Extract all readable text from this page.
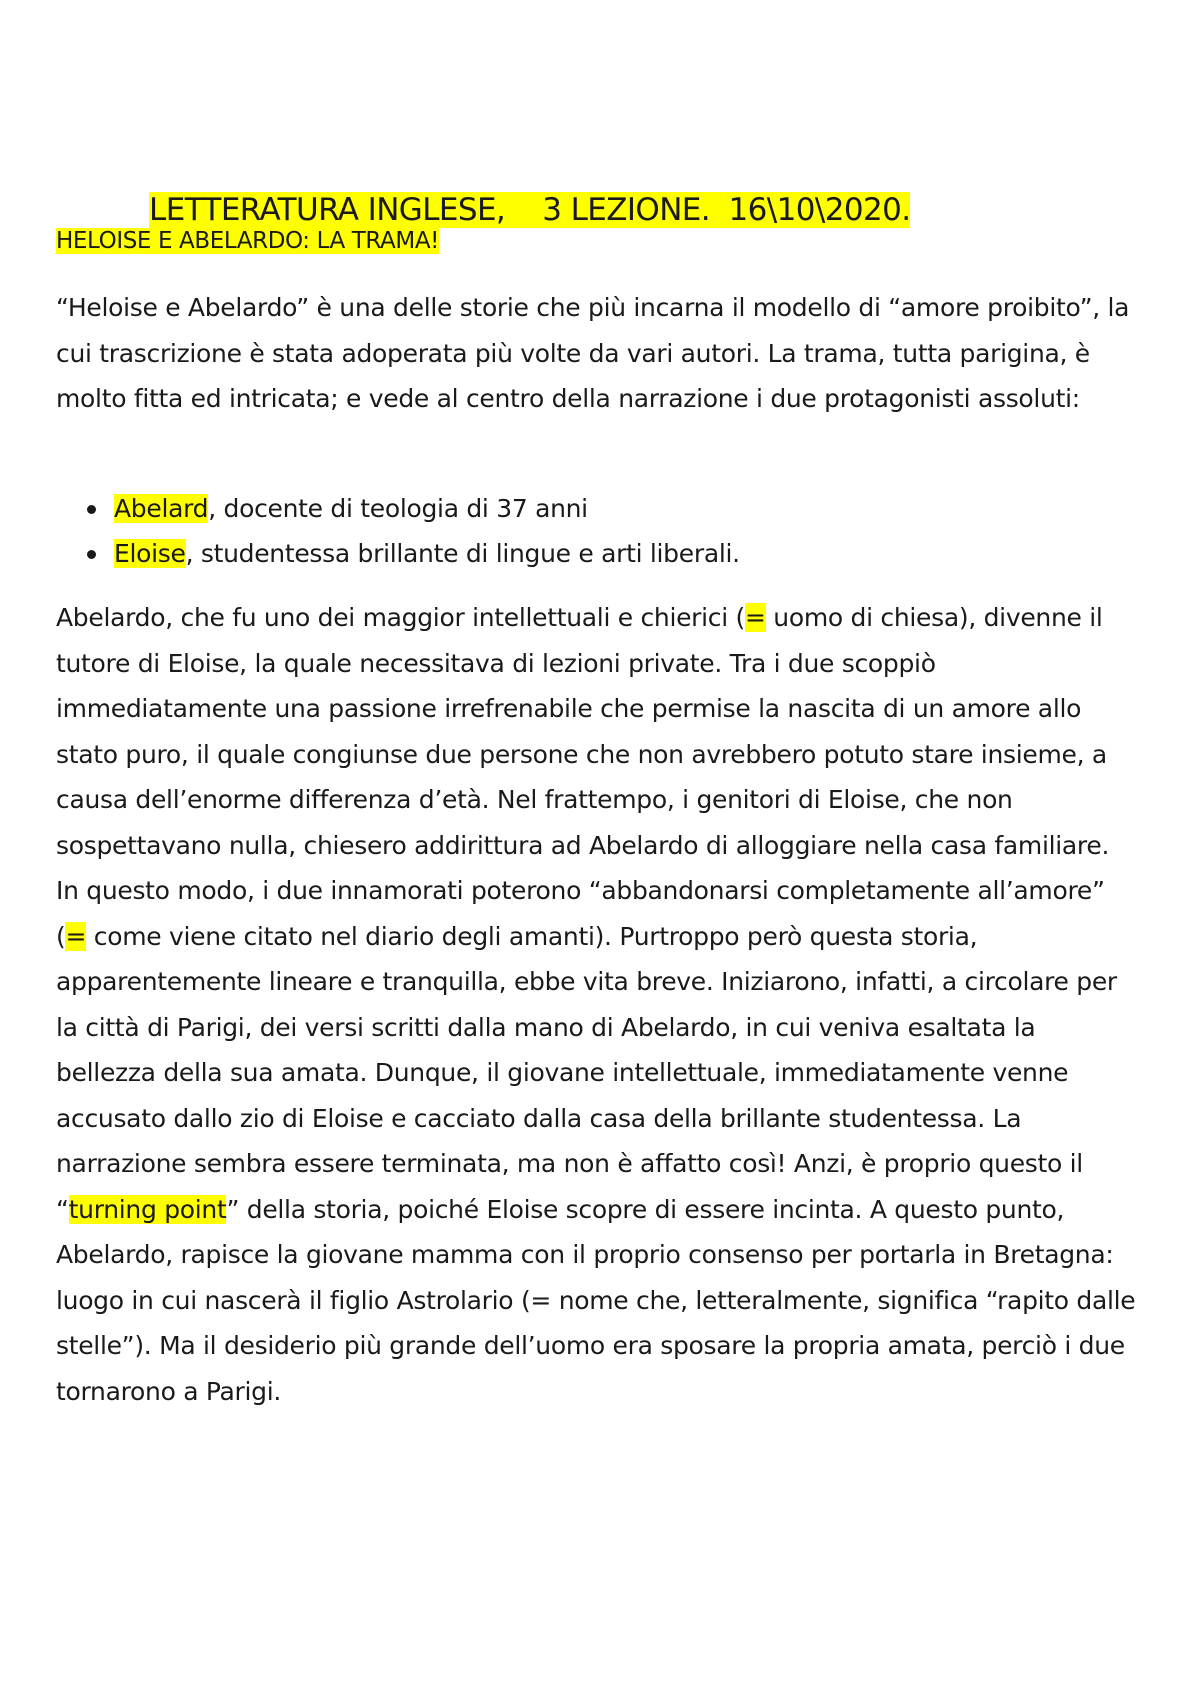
LETTERATURA INGLESE,    3 LEZIONE.  16\10\2020.

HELOISE E ABELARDO: LA TRAMA!

“Heloise e Abelardo” è una delle storie che più incarna il modello di “amore proibito”, la cui trascrizione è stata adoperata più volte da vari autori. La trama, tutta parigina, è molto fitta ed intricata; e vede al centro della narrazione i due protagonisti assoluti:

Abelard, docente di teologia di 37 anni
Eloise, studentessa brillante di lingue e arti liberali.

Abelardo, che fu uno dei maggior intellettuali e chierici (= uomo di chiesa), divenne il tutore di Eloise, la quale necessitava di lezioni private. Tra i due scoppiò immediatamente una passione irrefrenabile che permise la nascita di un amore allo stato puro, il quale congiunse due persone che non avrebbero potuto stare insieme, a causa dell’enorme differenza d’età. Nel frattempo, i genitori di Eloise, che non sospettavano nulla, chiesero addirittura ad Abelardo di alloggiare nella casa familiare. In questo modo, i due innamorati poterono “abbandonarsi completamente all’amore” (= come viene citato nel diario degli amanti). Purtroppo però questa storia, apparentemente lineare e tranquilla, ebbe vita breve. Iniziarono, infatti, a circolare per la città di Parigi, dei versi scritti dalla mano di Abelardo, in cui veniva esaltata la bellezza della sua amata. Dunque, il giovane intellettuale, immediatamente venne accusato dallo zio di Eloise e cacciato dalla casa della brillante studentessa. La narrazione sembra essere terminata, ma non è affatto così! Anzi, è proprio questo il “turning point” della storia, poiché Eloise scopre di essere incinta. A questo punto, Abelardo, rapisce la giovane mamma con il proprio consenso per portarla in Bretagna: luogo in cui nascerà il figlio Astrolario (= nome che, letteralmente, significa “rapito dalle stelle”). Ma il desiderio più grande dell’uomo era sposare la propria amata, perciò i due tornarono a Parigi.
